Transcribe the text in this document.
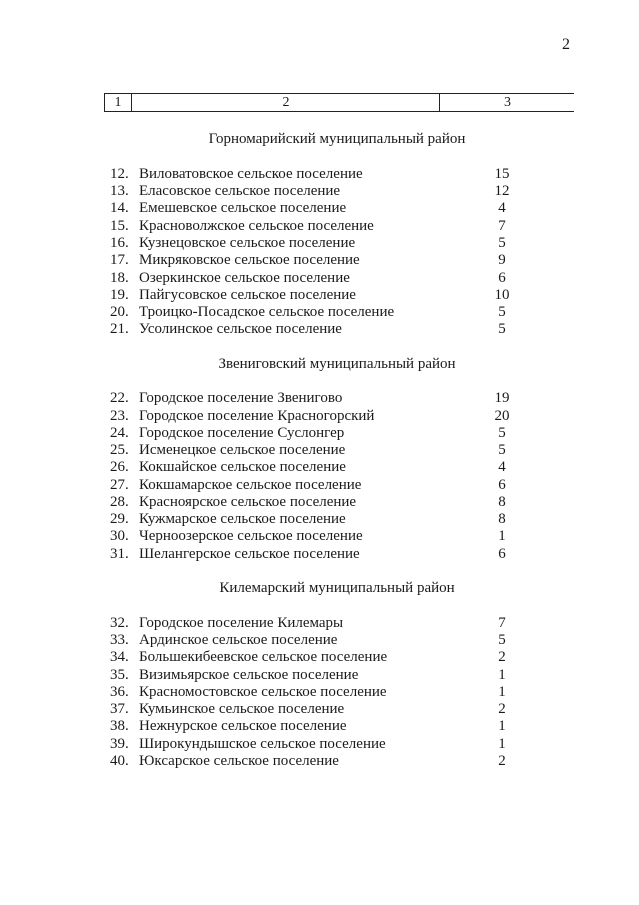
2
1	2	3
Горномарийский муниципальный район
12. Виловатовское сельское поселение	15
13. Еласовское сельское поселение	12
14. Емешевское сельское поселение	4
15. Красноволжское сельское поселение	7
16. Кузнецовское сельское поселение	5
17. Микряковское сельское поселение	9
18. Озеркинское сельское поселение	6
19. Пайгусовское сельское поселение	10
20. Троицко-Посадское сельское поселение	5
21. Усолинское сельское поселение	5
Звениговский муниципальный район
22. Городское поселение Звенигово	19
23. Городское поселение Красногорский	20
24. Городское поселение Суслонгер	5
25. Исменецкое сельское поселение	5
26. Кокшайское сельское поселение	4
27. Кокшамарское сельское поселение	6
28. Красноярское сельское поселение	8
29. Кужмарское сельское поселение	8
30. Черноозерское сельское поселение	1
31. Шелангерское сельское поселение	6
Килемарский муниципальный район
32. Городское поселение Килемары	7
33. Ардинское сельское поселение	5
34. Большекибеевское сельское поселение	2
35. Визимьярское сельское поселение	1
36. Красномостовское сельское поселение	1
37. Кумьинское сельское поселение	2
38. Нежнурское сельское поселение	1
39. Широкундышское сельское поселение	1
40. Юксарское сельское поселение	2
